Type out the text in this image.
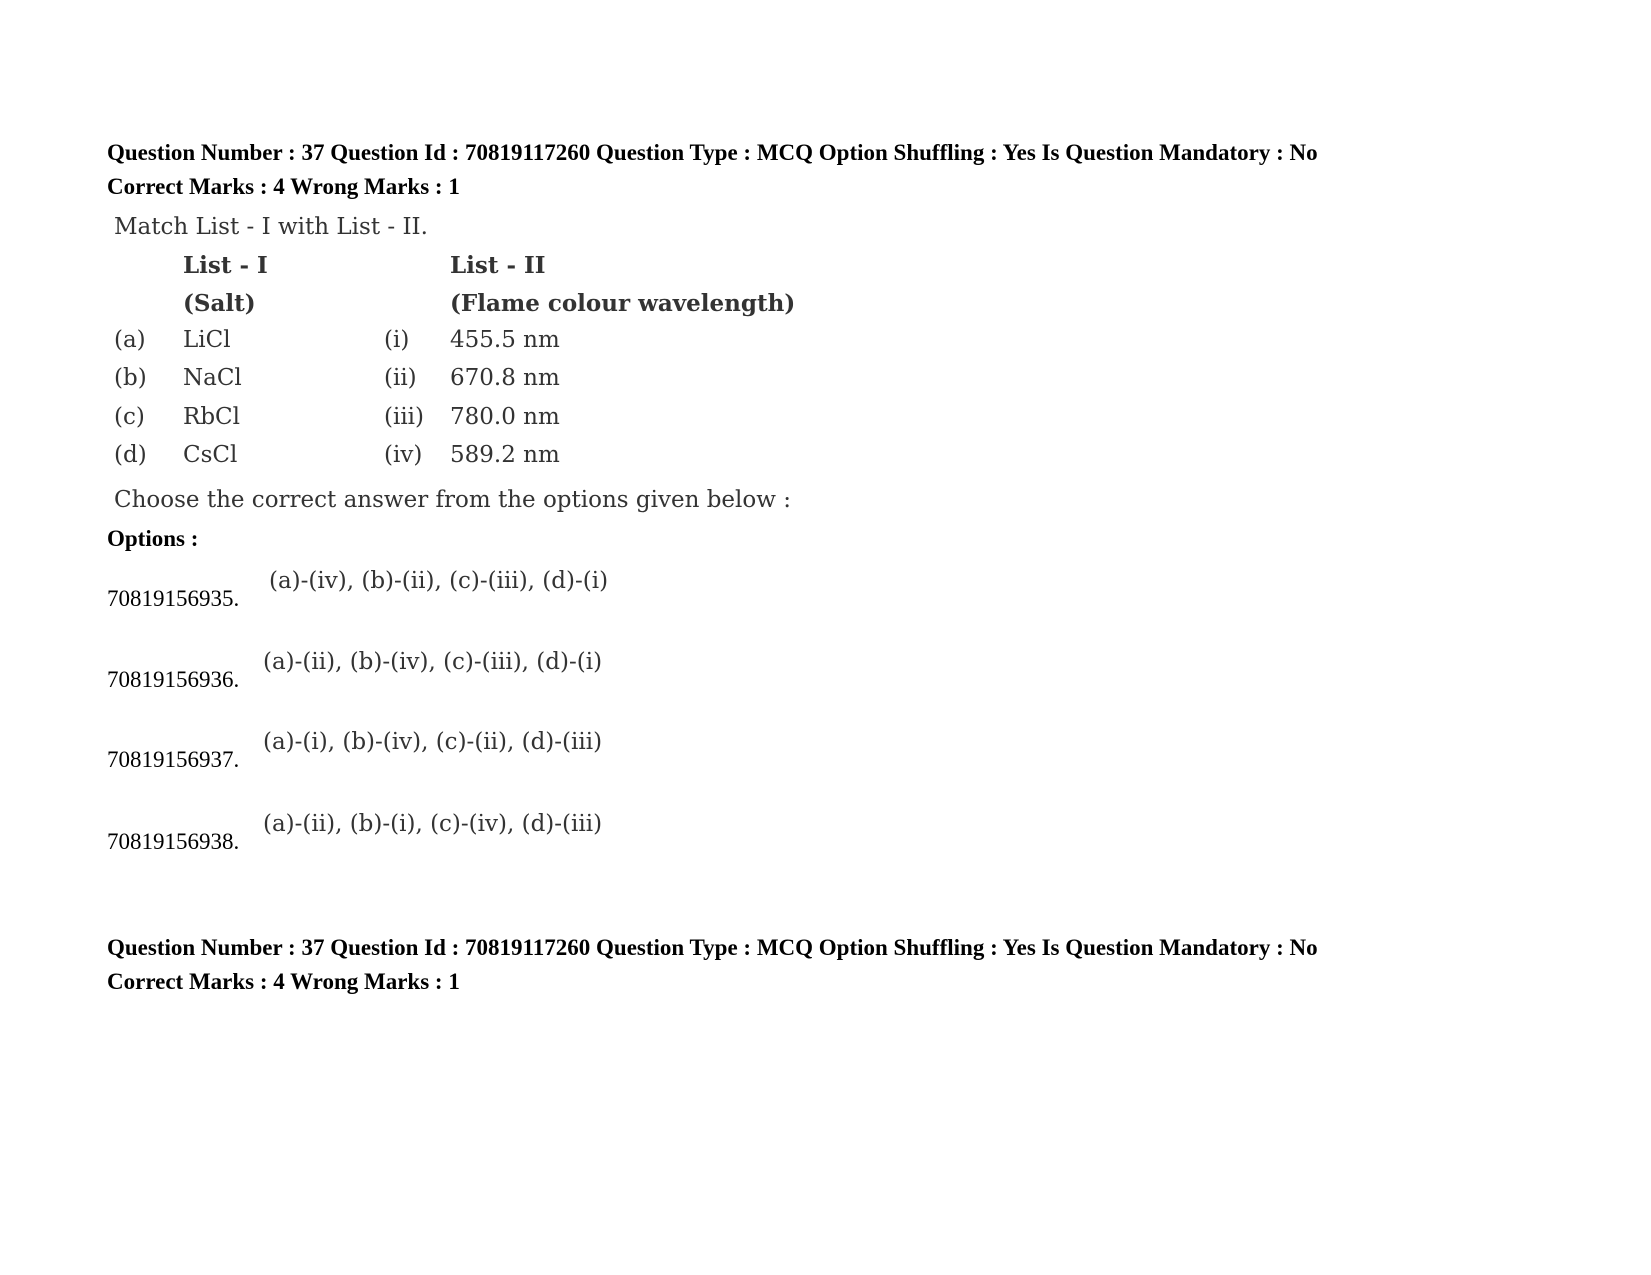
Question Number : 37 Question Id : 70819117260 Question Type : MCQ Option Shuffling : Yes Is Question Mandatory : No
Correct Marks : 4 Wrong Marks : 1
Match List - I with List - II.
List - I
(Salt)
List - II
(Flame colour wavelength)
(a) LiCl	(i) 455.5 nm
(b) NaCl	(ii) 670.8 nm
(c) RbCl	(iii) 780.0 nm
(d) CsCl	(iv) 589.2 nm
Choose the correct answer from the options given below :
Options :
70819156935.
(a)-(iv), (b)-(ii), (c)-(iii), (d)-(i)
70819156936.
(a)-(ii), (b)-(iv), (c)-(iii), (d)-(i)
70819156937.
(a)-(i), (b)-(iv), (c)-(ii), (d)-(iii)
70819156938.
(a)-(ii), (b)-(i), (c)-(iv), (d)-(iii)
Question Number : 37 Question Id : 70819117260 Question Type : MCQ Option Shuffling : Yes Is Question Mandatory : No
Correct Marks : 4 Wrong Marks : 1
